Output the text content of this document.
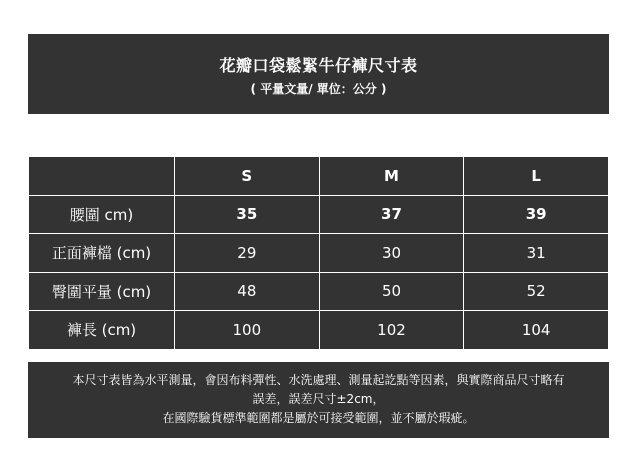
花瓣口袋鬆緊牛仔褲尺寸表
( 平量文量/ 單位：公分 )
	S	M	L
腰圍 cm)	35	37	39
正面褲檔 (cm)	29	30	31
臀圍平量 (cm)	48	50	52
褲長 (cm)	100	102	104
本尺寸表皆為水平測量，會因布料彈性、水洗處理、測量起訖點等因素，與實際商品尺寸略有
誤差，誤差尺寸±2cm，
在國際驗貨標準範圍都是屬於可接受範圍，並不屬於瑕疵。
